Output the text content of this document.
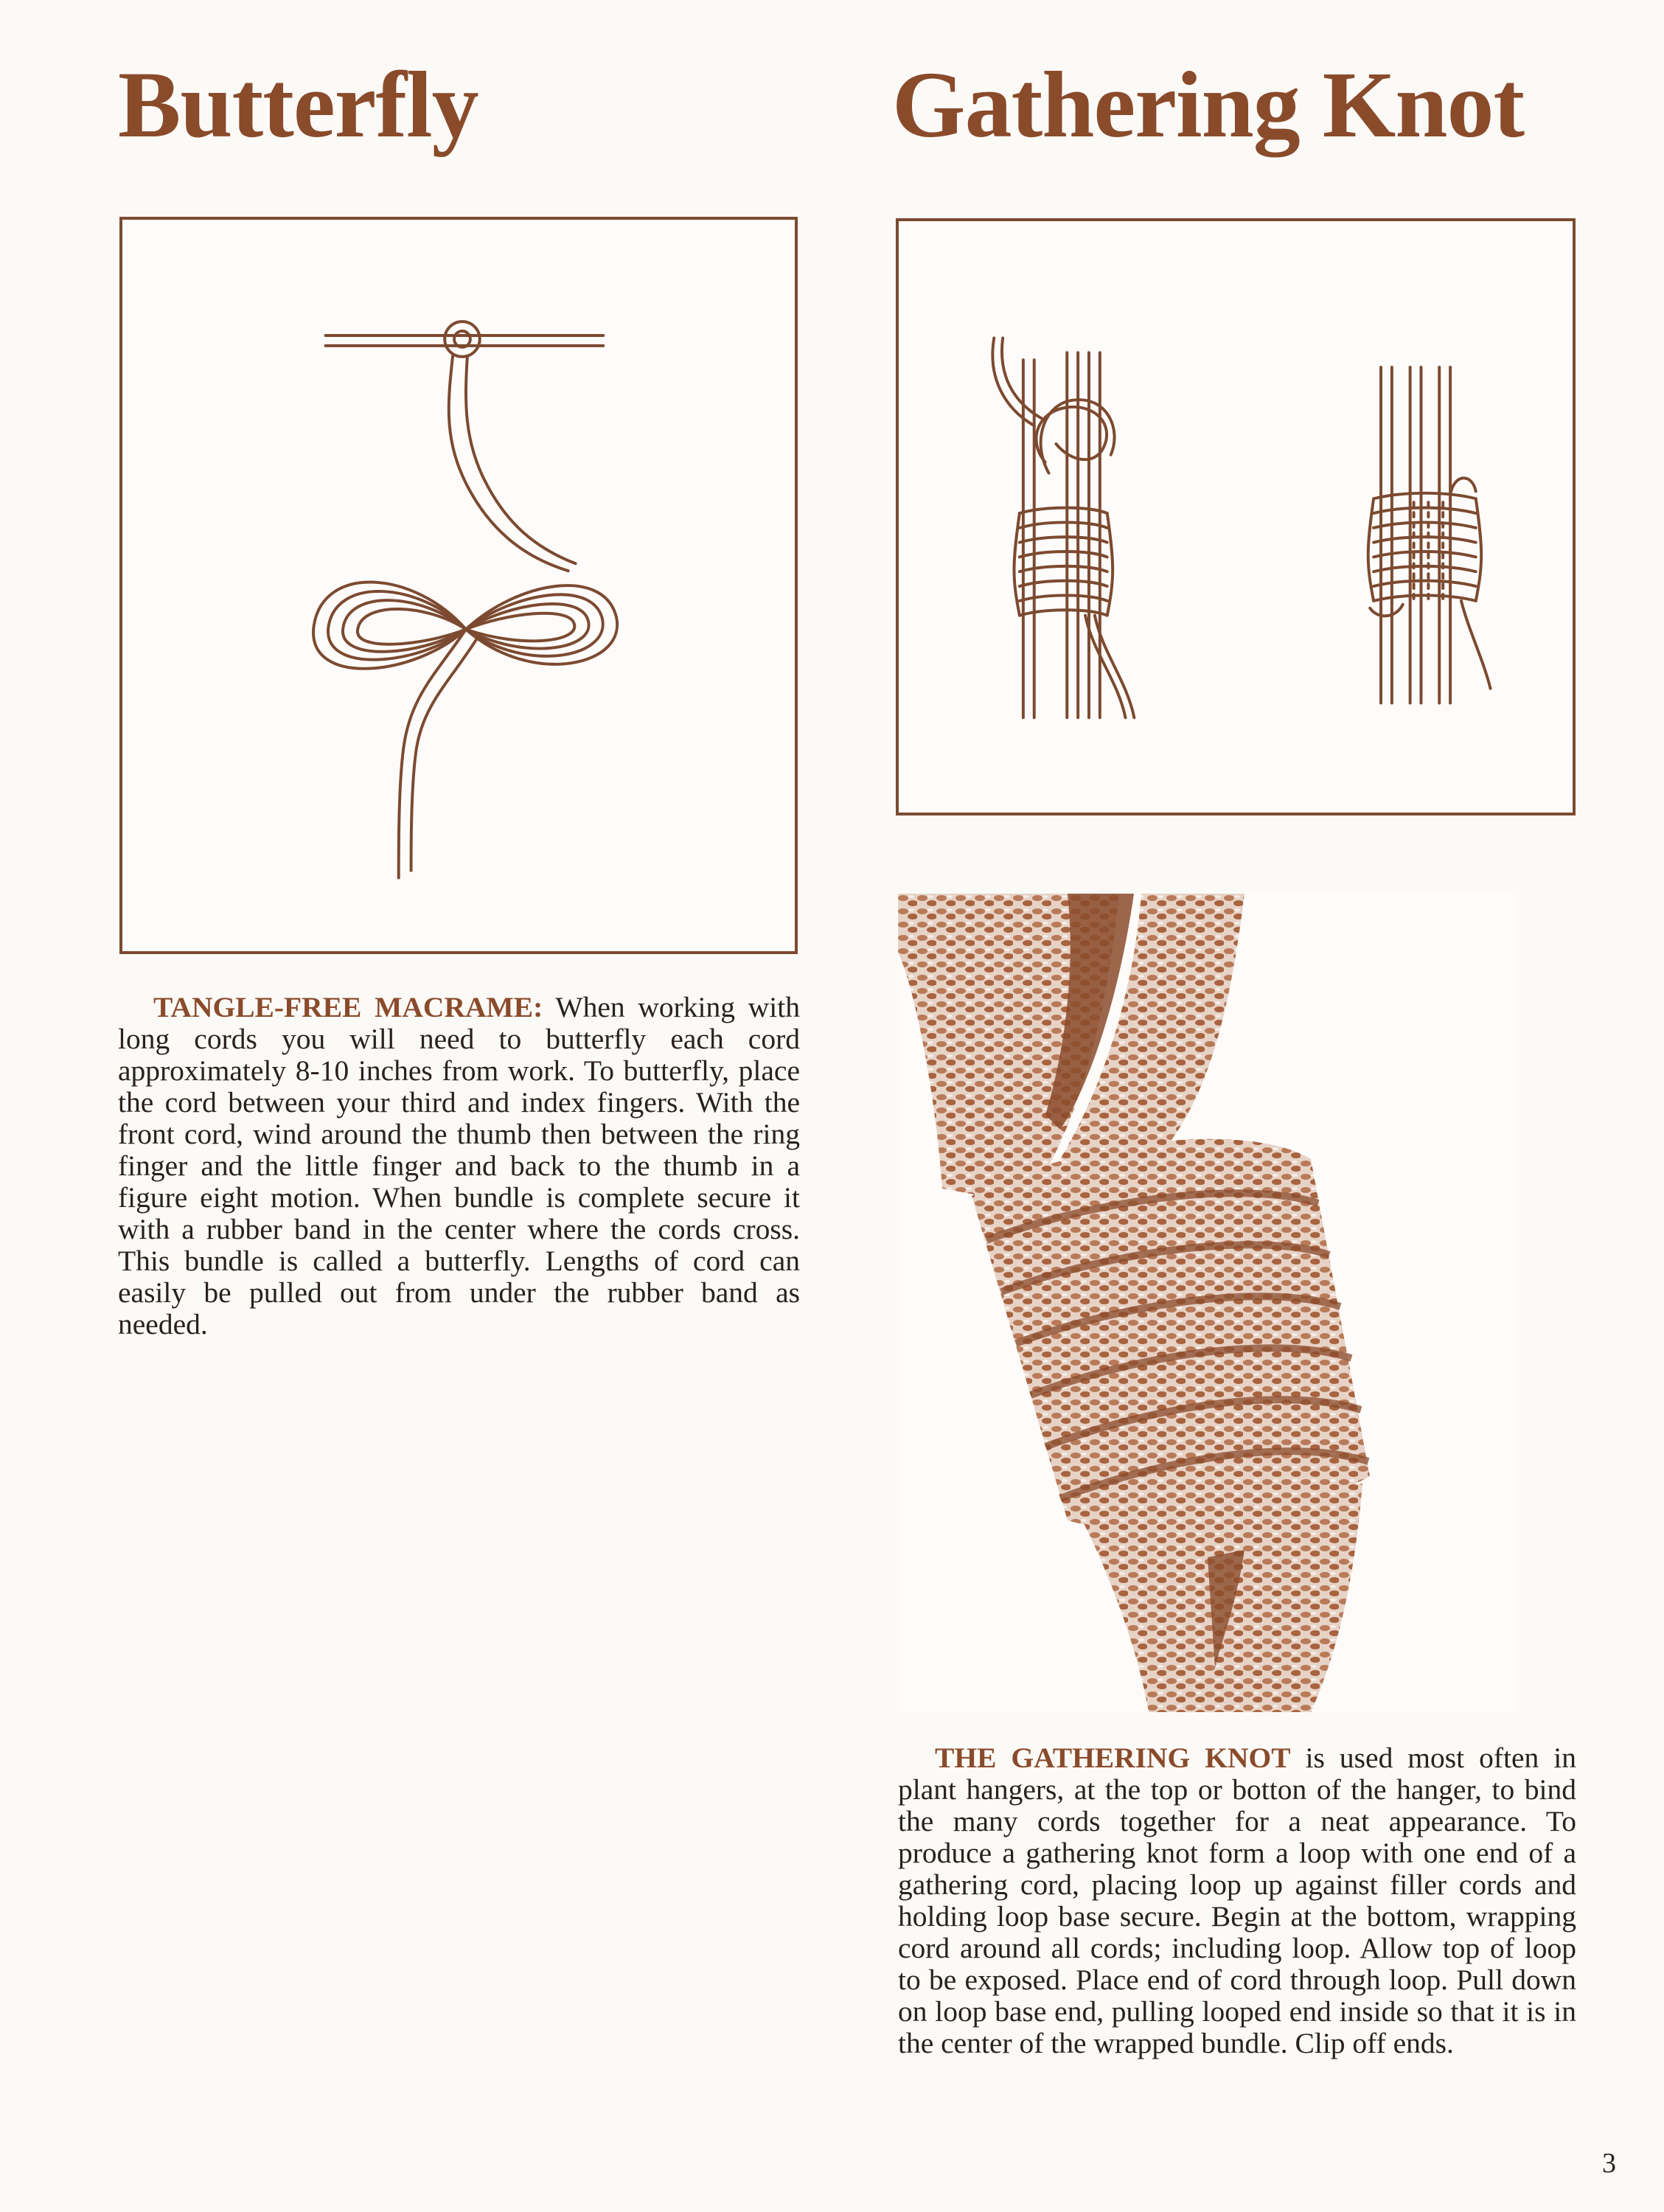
Butterfly	Gathering Knot

TANGLE-FREE MACRAME: When working with long cords you will need to butterfly each cord approximately 8-10 inches from work. To butterfly, place the cord between your third and index fingers. With the front cord, wind around the thumb then between the ring finger and the little finger and back to the thumb in a figure eight motion. When bundle is complete secure it with a rubber band in the center where the cords cross. This bundle is called a butterfly. Lengths of cord can easily be pulled out from under the rubber band as needed.

THE GATHERING KNOT is used most often in plant hangers, at the top or botton of the hanger, to bind the many cords together for a neat appearance. To produce a gathering knot form a loop with one end of a gathering cord, placing loop up against filler cords and holding loop base secure. Begin at the bottom, wrapping cord around all cords; including loop. Allow top of loop to be exposed. Place end of cord through loop. Pull down on loop base end, pulling looped end inside so that it is in the center of the wrapped bundle. Clip off ends.

3
